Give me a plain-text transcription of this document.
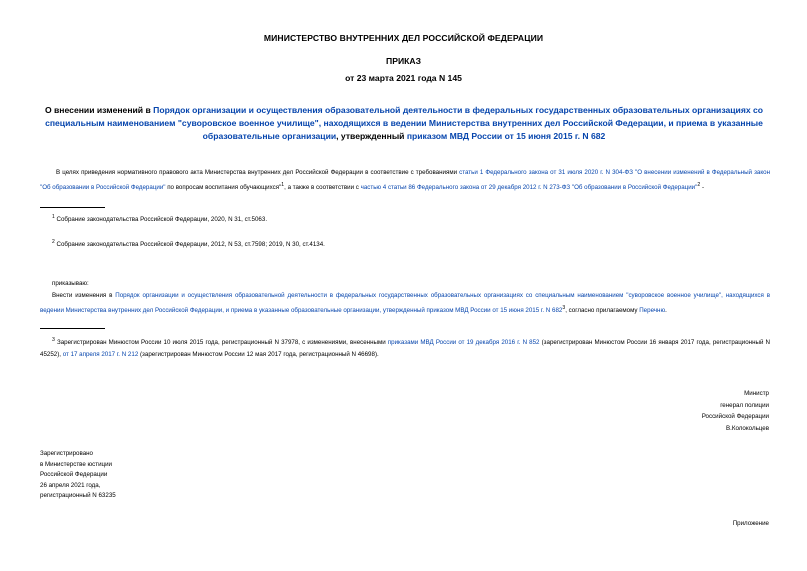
МИНИСТЕРСТВО ВНУТРЕННИХ ДЕЛ РОССИЙСКОЙ ФЕДЕРАЦИИ
ПРИКАЗ
от 23 марта 2021 года N 145
О внесении изменений в Порядок организации и осуществления образовательной деятельности в федеральных государственных образовательных организациях со специальным наименованием "суворовское военное училище", находящихся в ведении Министерства внутренних дел Российской Федерации, и приема в указанные образовательные организации, утвержденный приказом МВД России от 15 июня 2015 г. N 682
В целях приведения нормативного правового акта Министерства внутренних дел Российской Федерации в соответствие с требованиями статьи 1 Федерального закона от 31 июля 2020 г. N 304-ФЗ "О внесении изменений в Федеральный закон "Об образовании в Российской Федерации" по вопросам воспитания обучающихся"$^1$, а также в соответствии с частью 4 статьи 86 Федерального закона от 29 декабря 2012 г. N 273-ФЗ "Об образовании в Российской Федерации"$^2$ -
$^1$ Собрание законодательства Российской Федерации, 2020, N 31, ст.5063.
$^2$ Собрание законодательства Российской Федерации, 2012, N 53, ст.7598; 2019, N 30, ст.4134.
приказываю:
Внести изменения в Порядок организации и осуществления образовательной деятельности в федеральных государственных образовательных организациях со специальным наименованием "суворовское военное училище", находящихся в ведении Министерства внутренних дел Российской Федерации, и приема в указанные образовательные организации, утвержденный приказом МВД России от 15 июня 2015 г. N $682^3$, согласно прилагаемому Перечню.
$^3$ Зарегистрирован Минюстом России 10 июля 2015 года, регистрационный N 37978, с изменениями, внесенными приказами МВД России от 19 декабря 2016 г. N 852 (зарегистрирован Минюстом России 16 января 2017 года, регистрационный N 45252), от 17 апреля 2017 г. N 212 (зарегистрирован Минюстом России 12 мая 2017 года, регистрационный N 46698).
Министр
генерал полиции
Российской Федерации
В.Колокольцев
Зарегистрировано
в Министерстве юстиции
Российской Федерации
26 апреля 2021 года,
регистрационный N 63235
Приложение
